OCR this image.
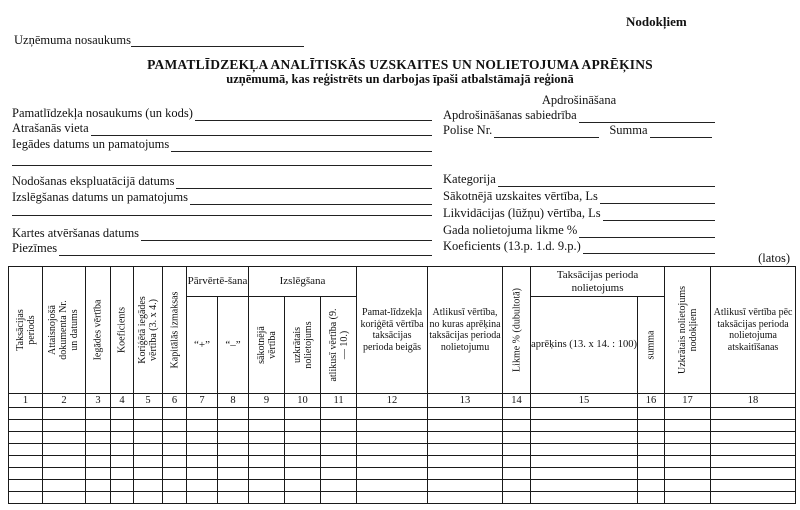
Nodokļiem
Uzņēmuma nosaukums
PAMATLĪDZEKĻA ANALĪTISKĀS UZSKAITES UN NOLIETOJUMA APRĒĶINS
uzņēmumā, kas reģistrēts un darbojas īpaši atbalstāmajā reģionā
Pamatlīdzekļa nosaukums (un kods)
Atrašanās vieta
Iegādes datums un pamatojums
Nodošanas ekspluatācijā datums
Izslēgšanas datums un pamatojums
Kartes atvēršanas datums
Piezīmes
Apdrošināšana
Apdrošināšanas sabiedrība
Polise Nr.	Summa
Kategorija
Sākotnējā uzskaites vērtība, Ls
Likvidācijas (lūžņu) vērtība, Ls
Gada nolietojuma likme %
Koeficients (13.p. 1.d. 9.p.)
(latos)
Taksācijas periods	Attaisnojošā dokumenta Nr. un datums	Iegādes vērtība	Koeficients	Koriģētā iegādes vērtība (3. x 4.)	Kapitālās izmaksas	Pārvērtē-šana		Izslēgšana			Pamat-līdzekļa koriģētā vērtība taksācijas perioda beigās	Atlikusī vērtība, no kuras aprēķina taksācijas perioda nolietojumu	Likme % (dubultotā)	Taksācijas perioda nolietojums		Uzkrātais nolietojums nodokļiem	Atlikusī vērtība pēc taksācijas perioda nolietojuma atskaitīšanas
						“+”	“–”	sākotnējā vērtība	uzkrātais nolietojums	atlikusī vērtība (9. — 10.)				aprēķins (13. x 14. : 100)	summa		

1	2	3	4	5	6	7	8	9	10	11	12	13	14	15	16	17	18
